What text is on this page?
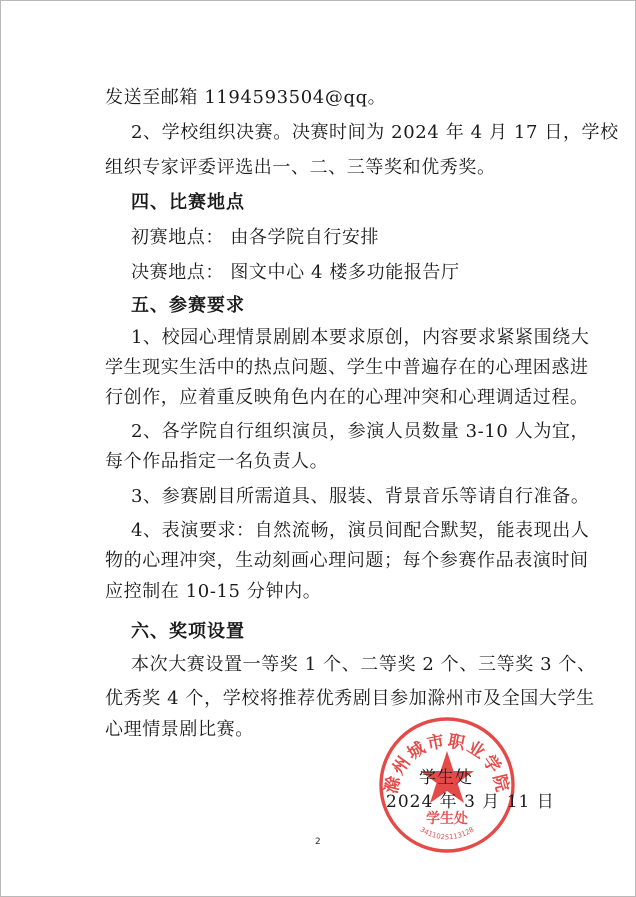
发送至邮箱 1194593504@qq。
2、学校组织决赛。决赛时间为 2024 年 4 月 17 日，学校
组织专家评委评选出一、二、三等奖和优秀奖。
四、比赛地点
初赛地点： 由各学院自行安排
决赛地点： 图文中心 4 楼多功能报告厅
五、参赛要求
1、校园心理情景剧剧本要求原创，内容要求紧紧围绕大
学生现实生活中的热点问题、学生中普遍存在的心理困惑进
行创作，应着重反映角色内在的心理冲突和心理调适过程。
2、各学院自行组织演员，参演人员数量 3-10 人为宜，
每个作品指定一名负责人。
3、参赛剧目所需道具、服装、背景音乐等请自行准备。
4、表演要求：自然流畅，演员间配合默契，能表现出人
物的心理冲突，生动刻画心理问题；每个参赛作品表演时间
应控制在 10-15 分钟内。
六、奖项设置
本次大赛设置一等奖 1 个、二等奖 2 个、三等奖 3 个、
优秀奖 4 个，学校将推荐优秀剧目参加滁州市及全国大学生
心理情景剧比赛。
滁州城市职业学院
学生处
3411025113128
学生处
2024 年 3 月 11 日
2
